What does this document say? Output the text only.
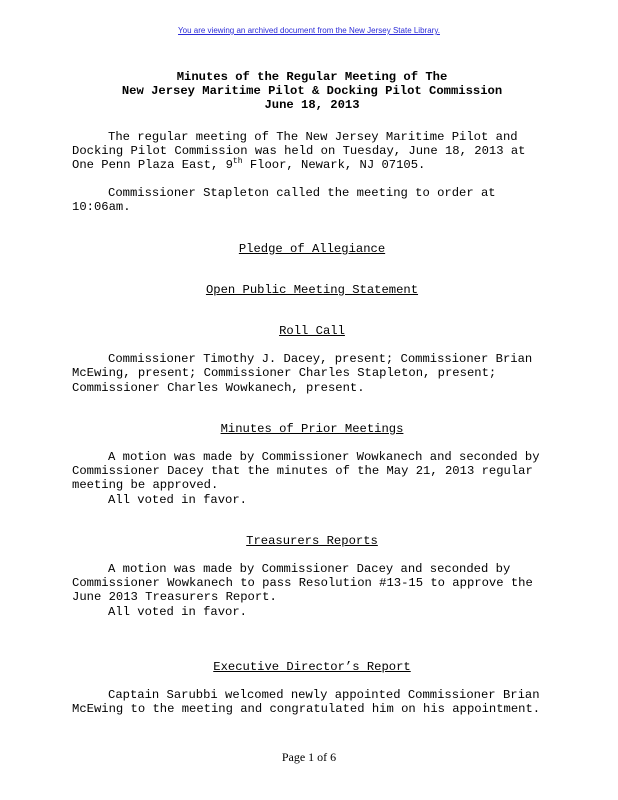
You are viewing an archived document from the New Jersey State Library.
Minutes of the Regular Meeting of The
New Jersey Maritime Pilot & Docking Pilot Commission
June 18, 2013

The regular meeting of The New Jersey Maritime Pilot and Docking Pilot Commission was held on Tuesday, June 18, 2013 at One Penn Plaza East, 9th Floor, Newark, NJ 07105.

Commissioner Stapleton called the meeting to order at 10:06am.

Pledge of Allegiance

Open Public Meeting Statement

Roll Call

Commissioner Timothy J. Dacey, present; Commissioner Brian McEwing, present; Commissioner Charles Stapleton, present; Commissioner Charles Wowkanech, present.

Minutes of Prior Meetings

A motion was made by Commissioner Wowkanech and seconded by Commissioner Dacey that the minutes of the May 21, 2013 regular meeting be approved.

All voted in favor.

Treasurers Reports

A motion was made by Commissioner Dacey and seconded by Commissioner Wowkanech to pass Resolution #13-15 to approve the June 2013 Treasurers Report.

All voted in favor.

Executive Director’s Report

Captain Sarubbi welcomed newly appointed Commissioner Brian McEwing to the meeting and congratulated him on his appointment.

Page 1 of 6
